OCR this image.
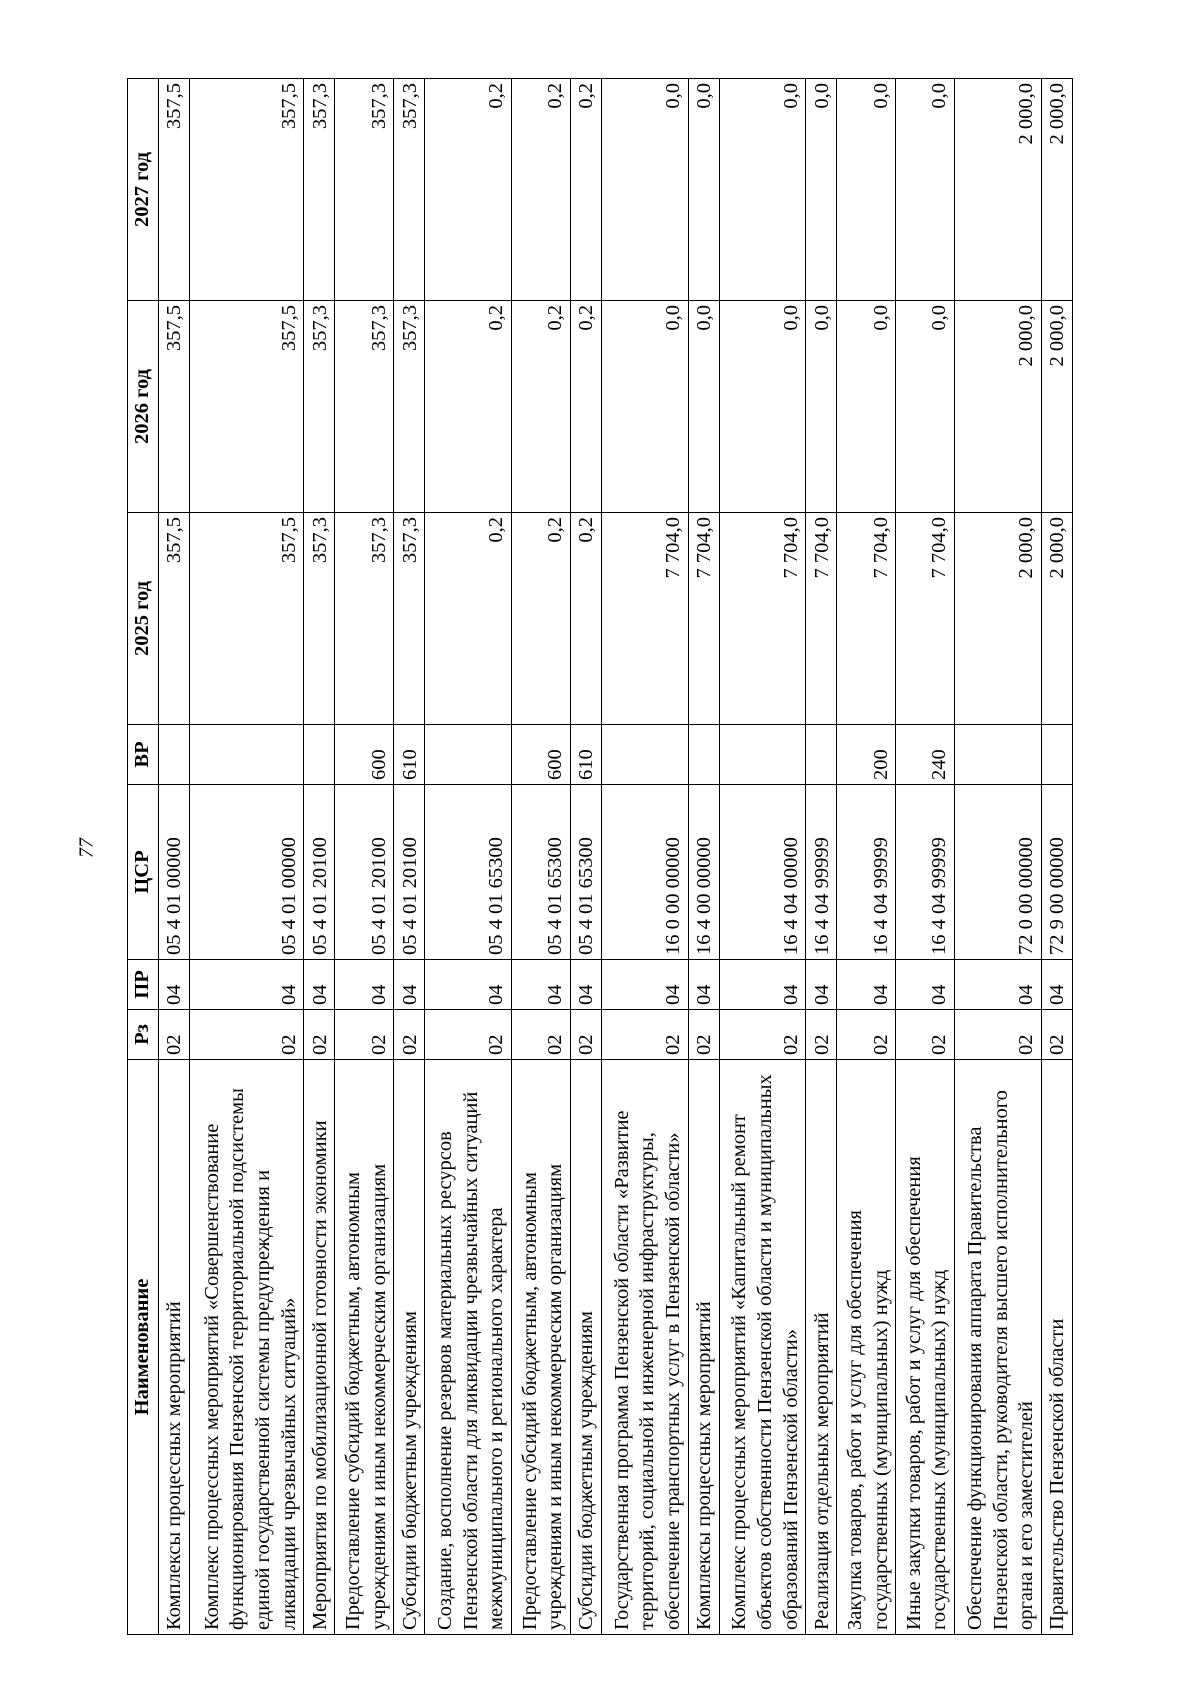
77
Наименование	Рз	ПР	ЦСР	ВР	2025 год	2026 год	2027 год
Комплексы процессных мероприятий	02	04	05 4 01 00000		357,5	357,5	357,5
Комплекс процессных мероприятий «Совершенствование функционирования Пензенской территориальной подсистемы единой государственной системы предупреждения и ликвидации чрезвычайных ситуаций»	02	04	05 4 01 00000		357,5	357,5	357,5
Мероприятия по мобилизационной готовности экономики	02	04	05 4 01 20100		357,3	357,3	357,3
Предоставление субсидий бюджетным, автономным учреждениям и иным некоммерческим организациям	02	04	05 4 01 20100	600	357,3	357,3	357,3
Субсидии бюджетным учреждениям	02	04	05 4 01 20100	610	357,3	357,3	357,3
Создание, восполнение резервов материальных ресурсов Пензенской области для ликвидации чрезвычайных ситуаций межмуниципального и регионального характера	02	04	05 4 01 65300		0,2	0,2	0,2
Предоставление субсидий бюджетным, автономным учреждениям и иным некоммерческим организациям	02	04	05 4 01 65300	600	0,2	0,2	0,2
Субсидии бюджетным учреждениям	02	04	05 4 01 65300	610	0,2	0,2	0,2
Государственная программа Пензенской области «Развитие территорий, социальной и инженерной инфраструктуры, обеспечение транспортных услуг в Пензенской области»	02	04	16 0 00 00000		7 704,0	0,0	0,0
Комплексы процессных мероприятий	02	04	16 4 00 00000		7 704,0	0,0	0,0
Комплекс процессных мероприятий «Капитальный ремонт объектов собственности Пензенской области и муниципальных образований Пензенской области»	02	04	16 4 04 00000		7 704,0	0,0	0,0
Реализация отдельных мероприятий	02	04	16 4 04 99999		7 704,0	0,0	0,0
Закупка товаров, работ и услуг для обеспечения государственных (муниципальных) нужд	02	04	16 4 04 99999	200	7 704,0	0,0	0,0
Иные закупки товаров, работ и услуг для обеспечения государственных (муниципальных) нужд	02	04	16 4 04 99999	240	7 704,0	0,0	0,0
Обеспечение функционирования аппарата Правительства Пензенской области, руководителя высшего исполнительного органа и его заместителей	02	04	72 0 00 00000		2 000,0	2 000,0	2 000,0
Правительство Пензенской области	02	04	72 9 00 00000		2 000,0	2 000,0	2 000,0
